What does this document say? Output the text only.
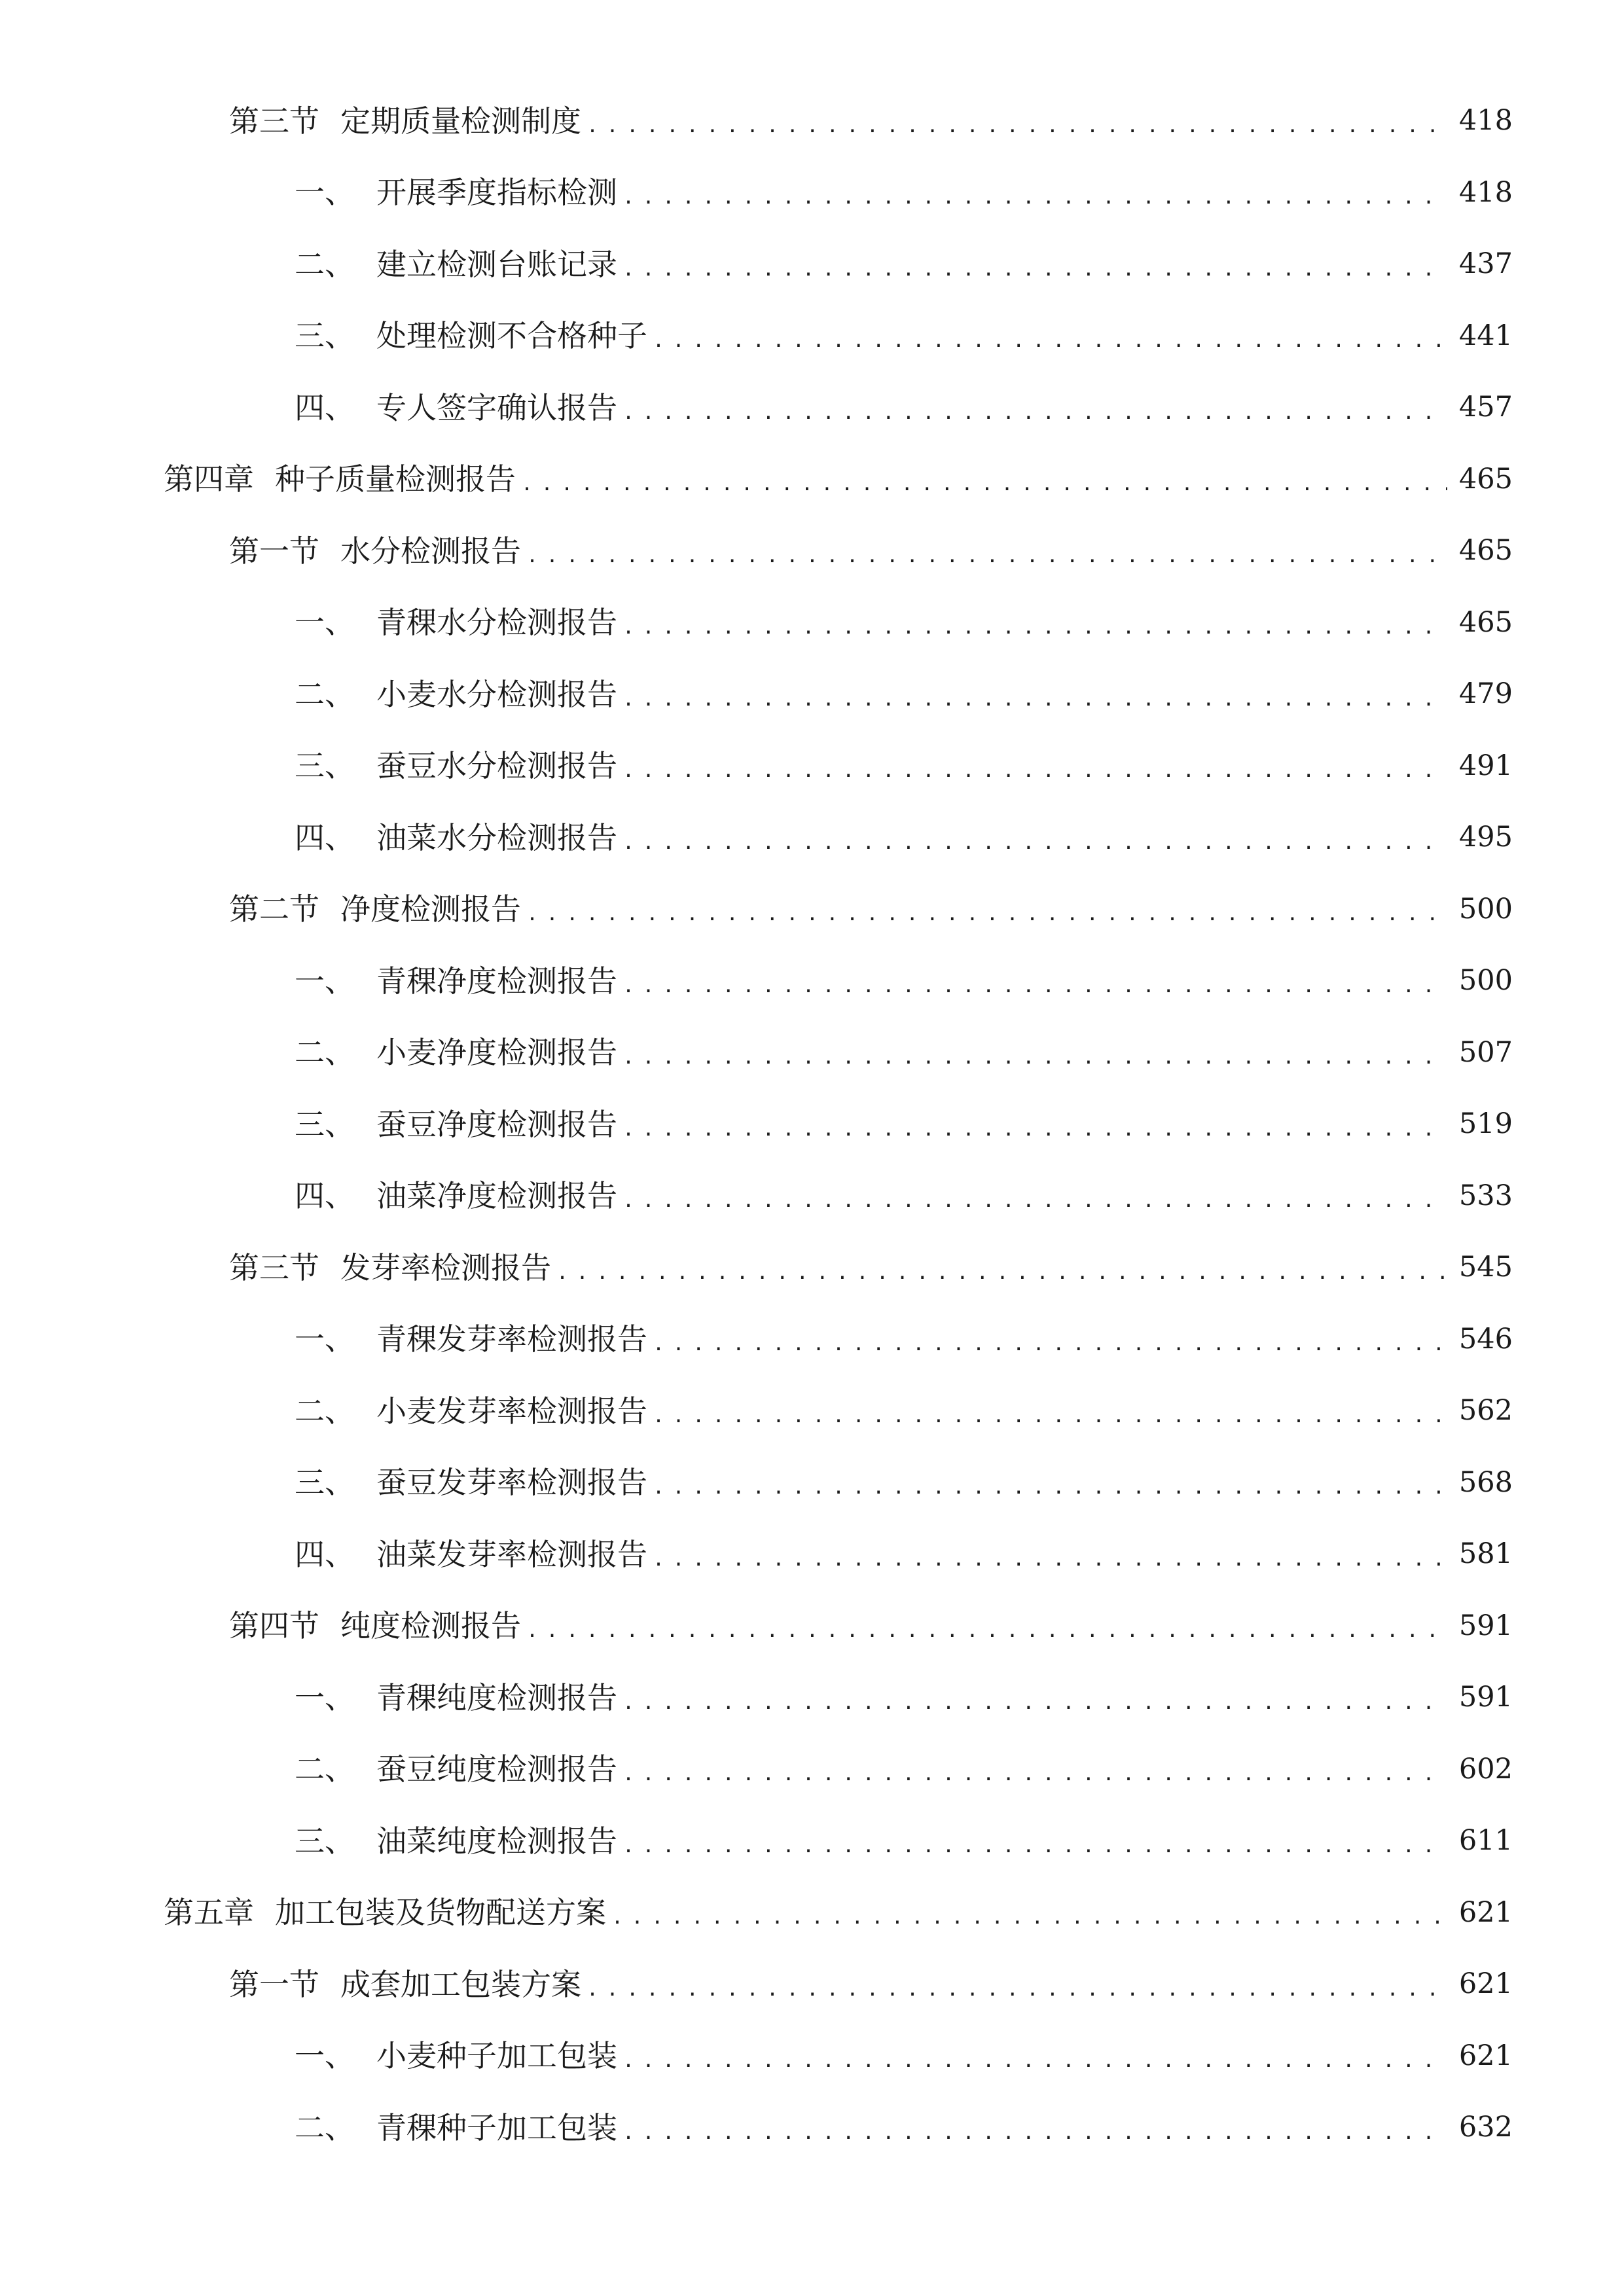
第三节 定期质量检测制度 .....	418
一、 开展季度指标检测 .....	418
二、 建立检测台账记录 .....	437
三、 处理检测不合格种子 .....	441
四、 专人签字确认报告 .....	457
第四章 种子质量检测报告 .....	465
第一节 水分检测报告 .....	465
一、 青稞水分检测报告 .....	465
二、 小麦水分检测报告 .....	479
三、 蚕豆水分检测报告 .....	491
四、 油菜水分检测报告 .....	495
第二节 净度检测报告 .....	500
一、 青稞净度检测报告 .....	500
二、 小麦净度检测报告 .....	507
三、 蚕豆净度检测报告 .....	519
四、 油菜净度检测报告 .....	533
第三节 发芽率检测报告 .....	545
一、 青稞发芽率检测报告 .....	546
二、 小麦发芽率检测报告 .....	562
三、 蚕豆发芽率检测报告 .....	568
四、 油菜发芽率检测报告 .....	581
第四节 纯度检测报告 .....	591
一、 青稞纯度检测报告 .....	591
二、 蚕豆纯度检测报告 .....	602
三、 油菜纯度检测报告 .....	611
第五章 加工包装及货物配送方案 .....	621
第一节 成套加工包装方案 .....	621
一、 小麦种子加工包装 .....	621
二、 青稞种子加工包装 .....	632
